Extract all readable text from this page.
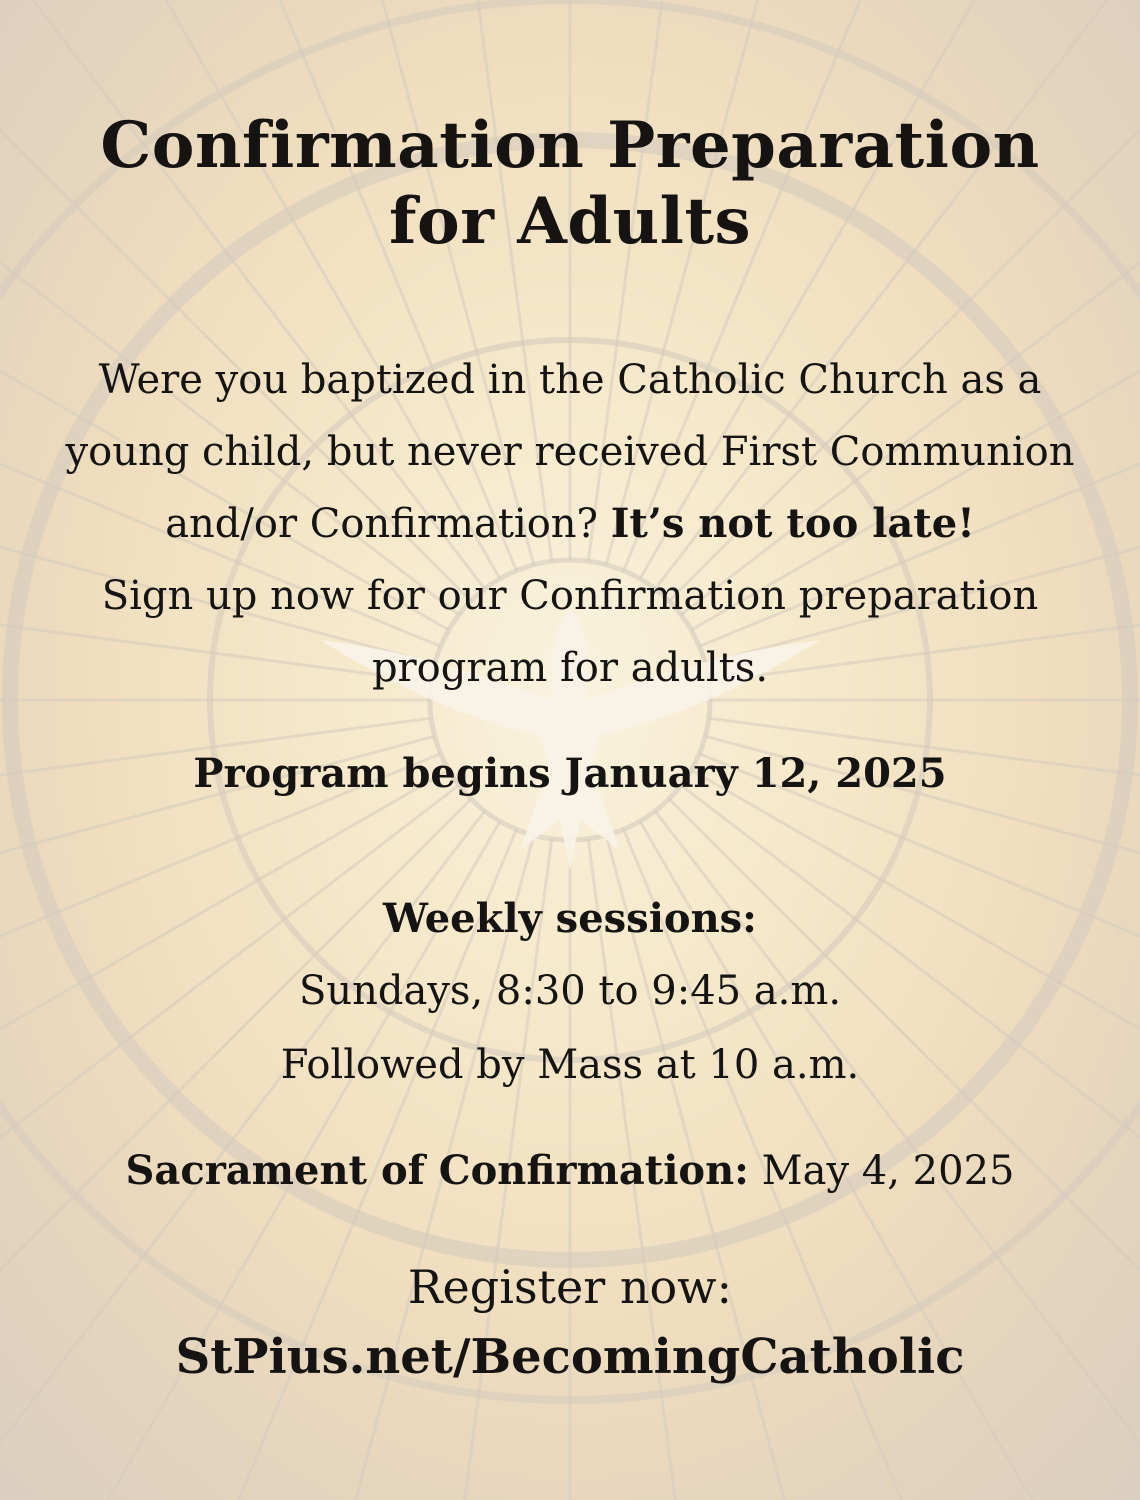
Confirmation Preparation
for Adults

Were you baptized in the Catholic Church as a
young child, but never received First Communion
and/or Confirmation? It’s not too late!
Sign up now for our Confirmation preparation
program for adults.

Program begins January 12, 2025

Weekly sessions:

Sundays, 8:30 to 9:45 a.m.

Followed by Mass at 10 a.m.

Sacrament of Confirmation: May 4, 2025

Register now:

StPius.net/BecomingCatholic
